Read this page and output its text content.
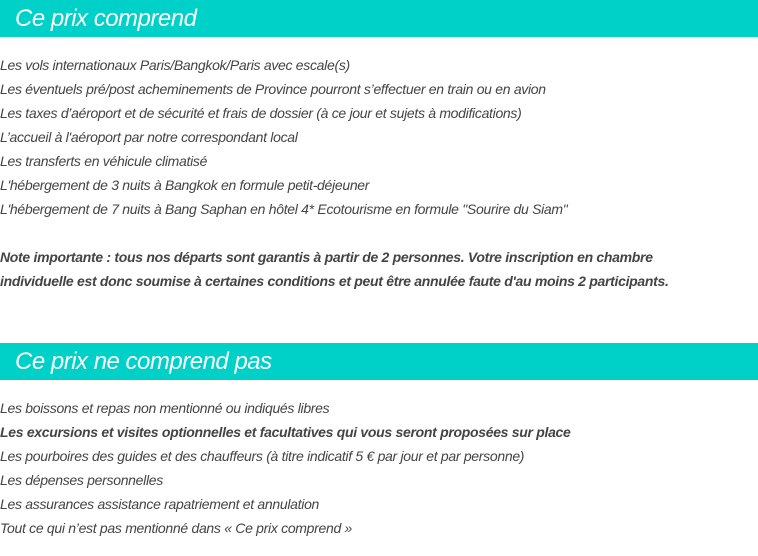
Ce prix comprend
Les vols internationaux Paris/Bangkok/Paris avec escale(s)
Les éventuels pré/post acheminements de Province pourront s’effectuer en train ou en avion
Les taxes d’aéroport et de sécurité et frais de dossier (à ce jour et sujets à modifications)
L’accueil à l'aéroport par notre correspondant local
Les transferts en véhicule climatisé
L'hébergement de 3 nuits à Bangkok en formule petit-déjeuner
L'hébergement de 7 nuits à Bang Saphan en hôtel 4* Ecotourisme en formule "Sourire du Siam"
Note importante : tous nos départs sont garantis à partir de 2 personnes. Votre inscription en chambre
individuelle est donc soumise à certaines conditions et peut être annulée faute d'au moins 2 participants.
Ce prix ne comprend pas
Les boissons et repas non mentionné ou indiqués libres
Les excursions et visites optionnelles et facultatives qui vous seront proposées sur place
Les pourboires des guides et des chauffeurs (à titre indicatif 5 € par jour et par personne)
Les dépenses personnelles
Les assurances assistance rapatriement et annulation
Tout ce qui n’est pas mentionné dans « Ce prix comprend »
